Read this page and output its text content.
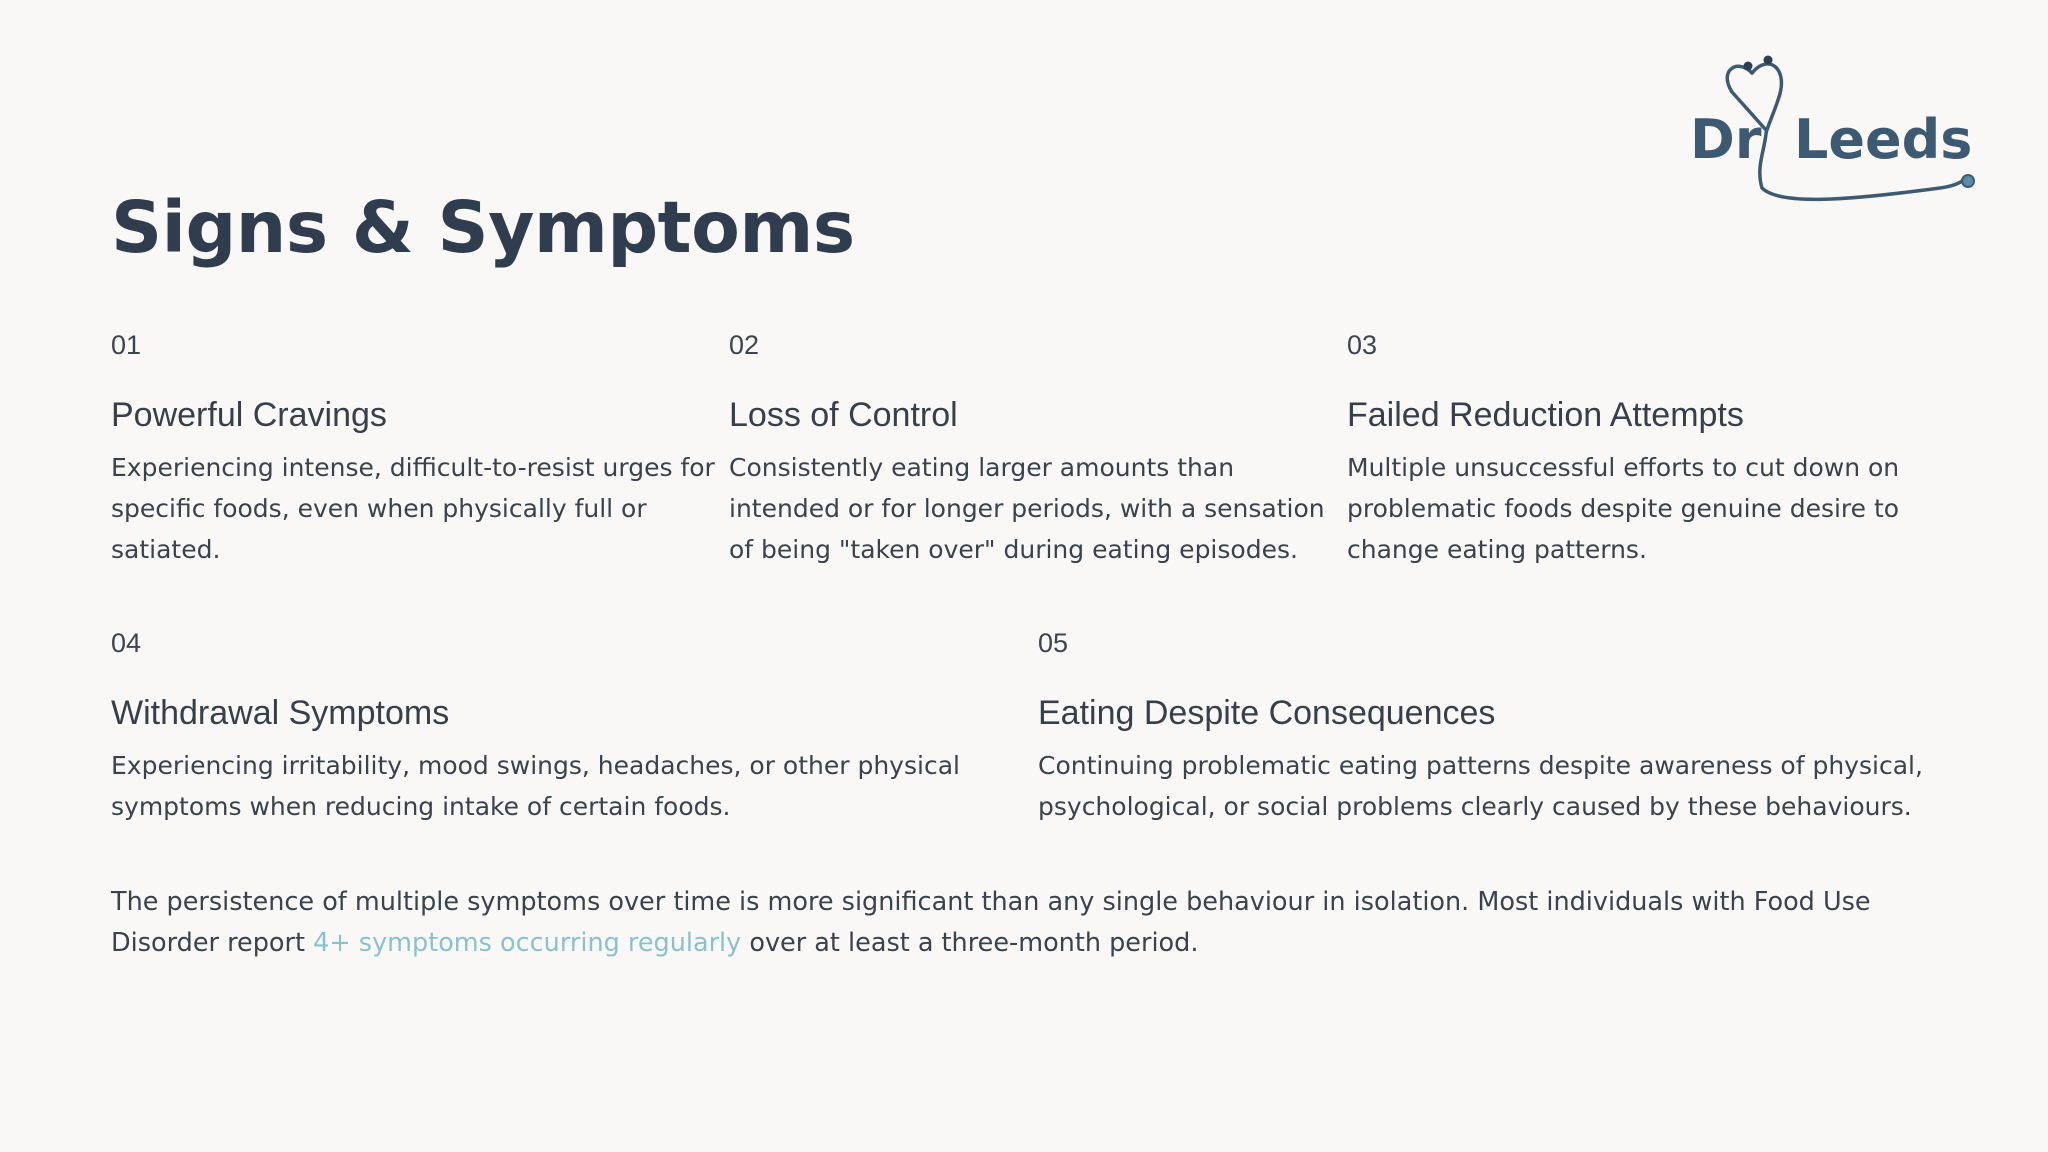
Signs & Symptoms
Dr Leeds
01
Powerful Cravings
Experiencing intense, difficult-to-resist urges for specific foods, even when physically full or satiated.
02
Loss of Control
Consistently eating larger amounts than intended or for longer periods, with a sensation of being "taken over" during eating episodes.
03
Failed Reduction Attempts
Multiple unsuccessful efforts to cut down on problematic foods despite genuine desire to change eating patterns.
04
Withdrawal Symptoms
Experiencing irritability, mood swings, headaches, or other physical symptoms when reducing intake of certain foods.
05
Eating Despite Consequences
Continuing problematic eating patterns despite awareness of physical, psychological, or social problems clearly caused by these behaviours.

The persistence of multiple symptoms over time is more significant than any single behaviour in isolation. Most individuals with Food Use Disorder report 4+ symptoms occurring regularly over at least a three-month period.
